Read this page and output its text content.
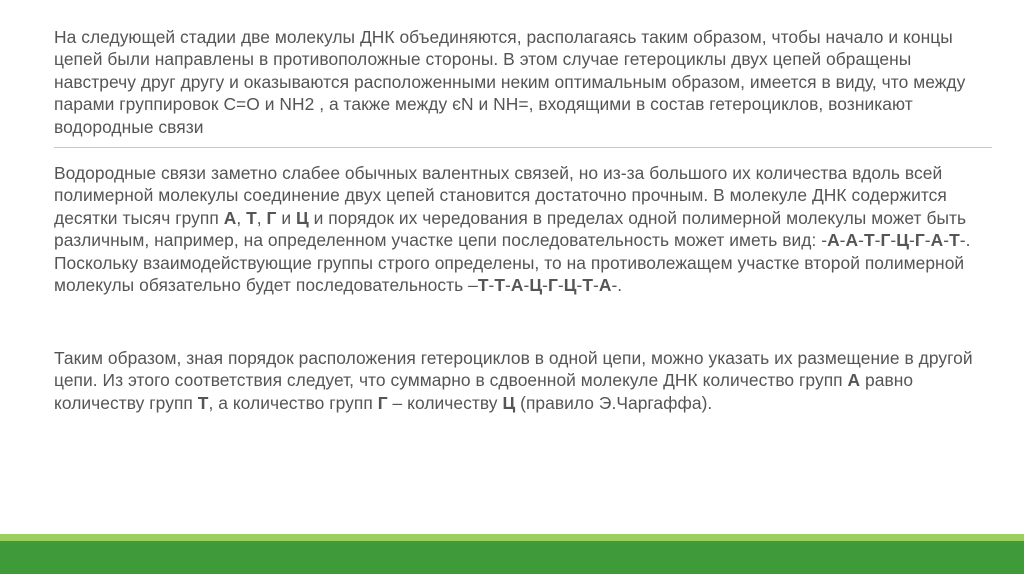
На следующей стадии две молекулы ДНК объединяются, располагаясь таким образом, чтобы начало и концы цепей были направлены в противоположные стороны. В этом случае гетероциклы двух цепей обращены навстречу друг другу и оказываются расположенными неким оптимальным образом, имеется в виду, что между парами группировок С=О и NH2 , а также между єN и NH=, входящими в состав гетероциклов, возникают водородные связи
Водородные связи заметно слабее обычных валентных связей, но из-за большого их количества вдоль всей полимерной молекулы соединение двух цепей становится достаточно прочным. В молекуле ДНК содержится десятки тысяч групп А, Т, Г и Ц и порядок их чередования в пределах одной полимерной молекулы может быть различным, например, на определенном участке цепи последовательность может иметь вид: -А-А-Т-Г-Ц-Г-А-Т-. Поскольку взаимодействующие группы строго определены, то на противолежащем участке второй полимерной молекулы обязательно будет последовательность –Т-Т-А-Ц-Г-Ц-Т-А-.
Таким образом, зная порядок расположения гетероциклов в одной цепи, можно указать их размещение в другой цепи. Из этого соответствия следует, что суммарно в сдвоенной молекуле ДНК количество групп А равно количеству групп Т, а количество групп Г – количеству Ц (правило Э.Чаргаффа).
